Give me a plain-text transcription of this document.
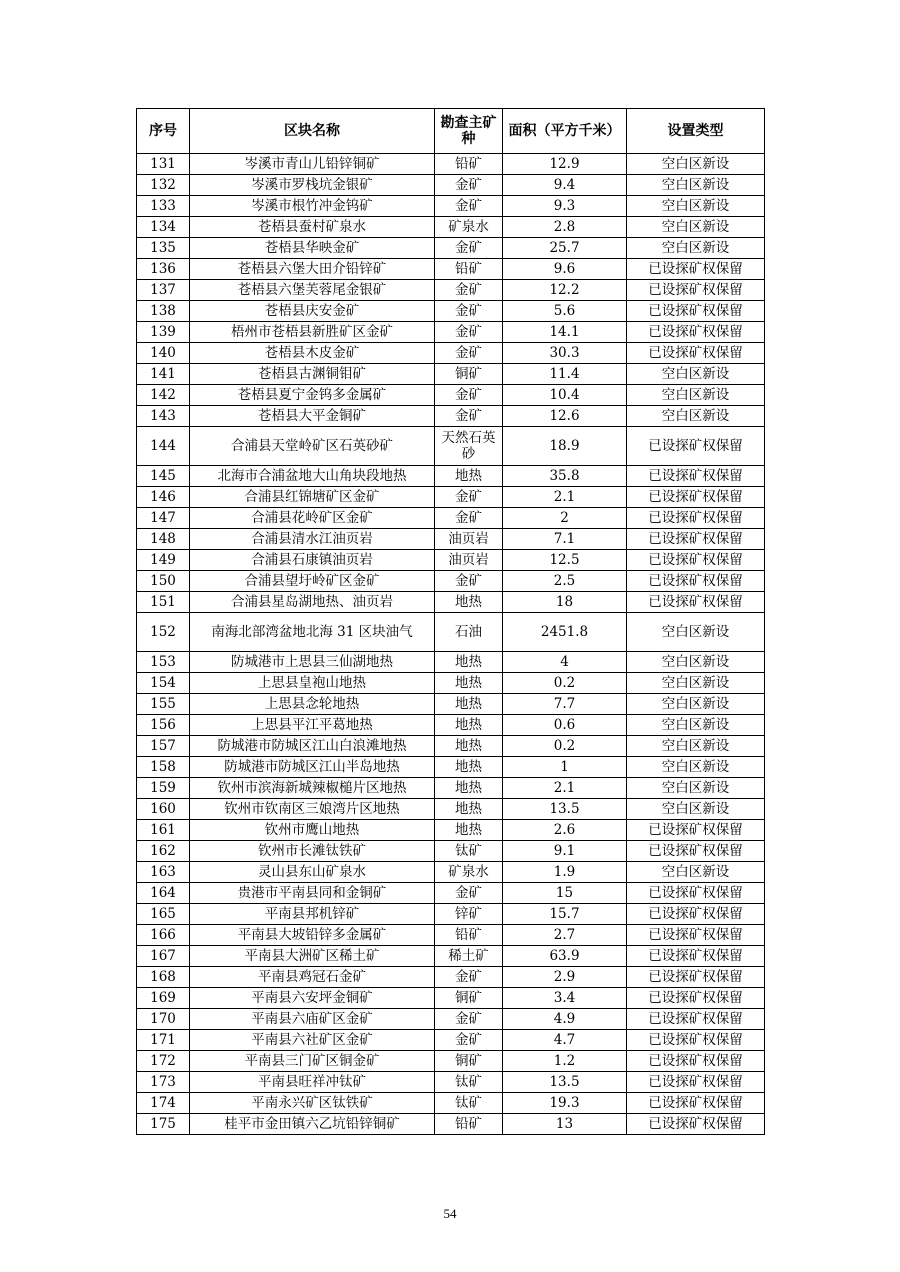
序号	区块名称	勘查主矿种	面积（平方千米）	设置类型
131	岑溪市青山儿铅锌铜矿	铅矿	12.9	空白区新设
132	岑溪市罗栈坑金银矿	金矿	9.4	空白区新设
133	岑溪市根竹冲金钨矿	金矿	9.3	空白区新设
134	苍梧县蚕村矿泉水	矿泉水	2.8	空白区新设
135	苍梧县华映金矿	金矿	25.7	空白区新设
136	苍梧县六堡大田介铅锌矿	铅矿	9.6	已设探矿权保留
137	苍梧县六堡芙蓉尾金银矿	金矿	12.2	已设探矿权保留
138	苍梧县庆安金矿	金矿	5.6	已设探矿权保留
139	梧州市苍梧县新胜矿区金矿	金矿	14.1	已设探矿权保留
140	苍梧县木皮金矿	金矿	30.3	已设探矿权保留
141	苍梧县古渊铜钼矿	铜矿	11.4	空白区新设
142	苍梧县夏宁金钨多金属矿	金矿	10.4	空白区新设
143	苍梧县大平金铜矿	金矿	12.6	空白区新设
144	合浦县天堂岭矿区石英砂矿	天然石英砂	18.9	已设探矿权保留
145	北海市合浦盆地大山角块段地热	地热	35.8	已设探矿权保留
146	合浦县红锦塘矿区金矿	金矿	2.1	已设探矿权保留
147	合浦县花岭矿区金矿	金矿	2	已设探矿权保留
148	合浦县清水江油页岩	油页岩	7.1	已设探矿权保留
149	合浦县石康镇油页岩	油页岩	12.5	已设探矿权保留
150	合浦县望圩岭矿区金矿	金矿	2.5	已设探矿权保留
151	合浦县星岛湖地热、油页岩	地热	18	已设探矿权保留
152	南海北部湾盆地北海 31 区块油气	石油	2451.8	空白区新设
153	防城港市上思县三仙湖地热	地热	4	空白区新设
154	上思县皇袍山地热	地热	0.2	空白区新设
155	上思县念轮地热	地热	7.7	空白区新设
156	上思县平江平葛地热	地热	0.6	空白区新设
157	防城港市防城区江山白浪滩地热	地热	0.2	空白区新设
158	防城港市防城区江山半岛地热	地热	1	空白区新设
159	钦州市滨海新城辣椒槌片区地热	地热	2.1	空白区新设
160	钦州市钦南区三娘湾片区地热	地热	13.5	空白区新设
161	钦州市鹰山地热	地热	2.6	已设探矿权保留
162	钦州市长滩钛铁矿	钛矿	9.1	已设探矿权保留
163	灵山县东山矿泉水	矿泉水	1.9	空白区新设
164	贵港市平南县同和金铜矿	金矿	15	已设探矿权保留
165	平南县邦机锌矿	锌矿	15.7	已设探矿权保留
166	平南县大坡铅锌多金属矿	铅矿	2.7	已设探矿权保留
167	平南县大洲矿区稀土矿	稀土矿	63.9	已设探矿权保留
168	平南县鸡冠石金矿	金矿	2.9	已设探矿权保留
169	平南县六安坪金铜矿	铜矿	3.4	已设探矿权保留
170	平南县六庙矿区金矿	金矿	4.9	已设探矿权保留
171	平南县六社矿区金矿	金矿	4.7	已设探矿权保留
172	平南县三门矿区铜金矿	铜矿	1.2	已设探矿权保留
173	平南县旺祥冲钛矿	钛矿	13.5	已设探矿权保留
174	平南永兴矿区钛铁矿	钛矿	19.3	已设探矿权保留
175	桂平市金田镇六乙坑铅锌铜矿	铅矿	13	已设探矿权保留
54
